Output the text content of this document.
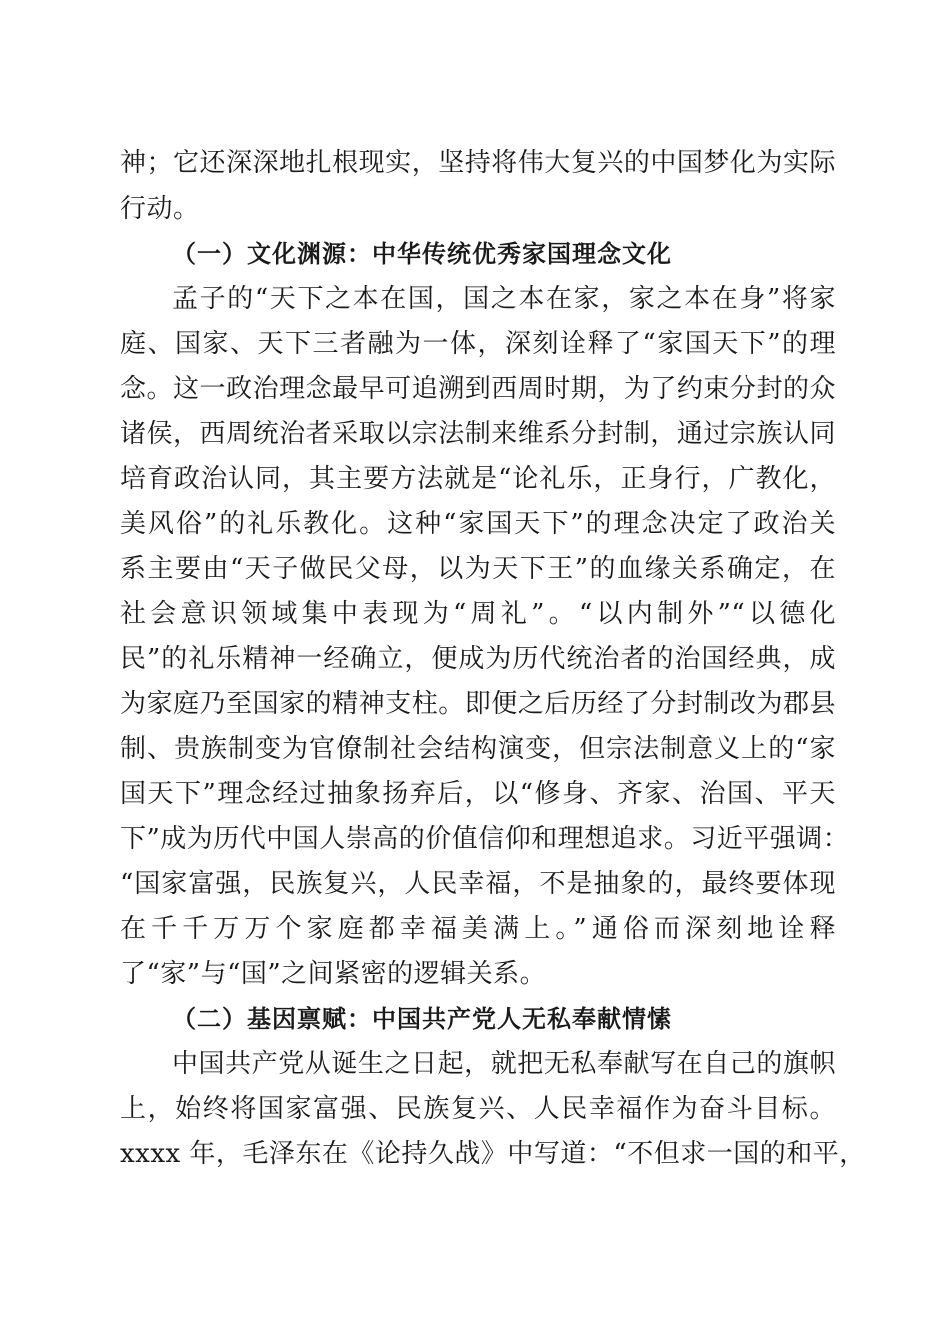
神；它还深深地扎根现实，坚持将伟大复兴的中国梦化为实际
行动。
（一）文化渊源：中华传统优秀家国理念文化
孟子的“天下之本在国，国之本在家，家之本在身”将家
庭、国家、天下三者融为一体，深刻诠释了“家国天下”的理
念。这一政治理念最早可追溯到西周时期，为了约束分封的众
诸侯，西周统治者采取以宗法制来维系分封制，通过宗族认同
培育政治认同，其主要方法就是“论礼乐，正身行，广教化，
美风俗”的礼乐教化。这种“家国天下”的理念决定了政治关
系主要由“天子做民父母，以为天下王”的血缘关系确定，在
社会意识领域集中表现为“周礼”。“以内制外”“以德化
民”的礼乐精神一经确立，便成为历代统治者的治国经典，成
为家庭乃至国家的精神支柱。即便之后历经了分封制改为郡县
制、贵族制变为官僚制社会结构演变，但宗法制意义上的“家
国天下”理念经过抽象扬弃后，以“修身、齐家、治国、平天
下”成为历代中国人崇高的价值信仰和理想追求。习近平强调：
“国家富强，民族复兴，人民幸福，不是抽象的，最终要体现
在千千万万个家庭都幸福美满上。”通俗而深刻地诠释
了“家”与“国”之间紧密的逻辑关系。
（二）基因禀赋：中国共产党人无私奉献情愫
中国共产党从诞生之日起，就把无私奉献写在自己的旗帜
上，始终将国家富强、民族复兴、人民幸福作为奋斗目标。
xxxx 年，毛泽东在《论持久战》中写道：“不但求一国的和平，
